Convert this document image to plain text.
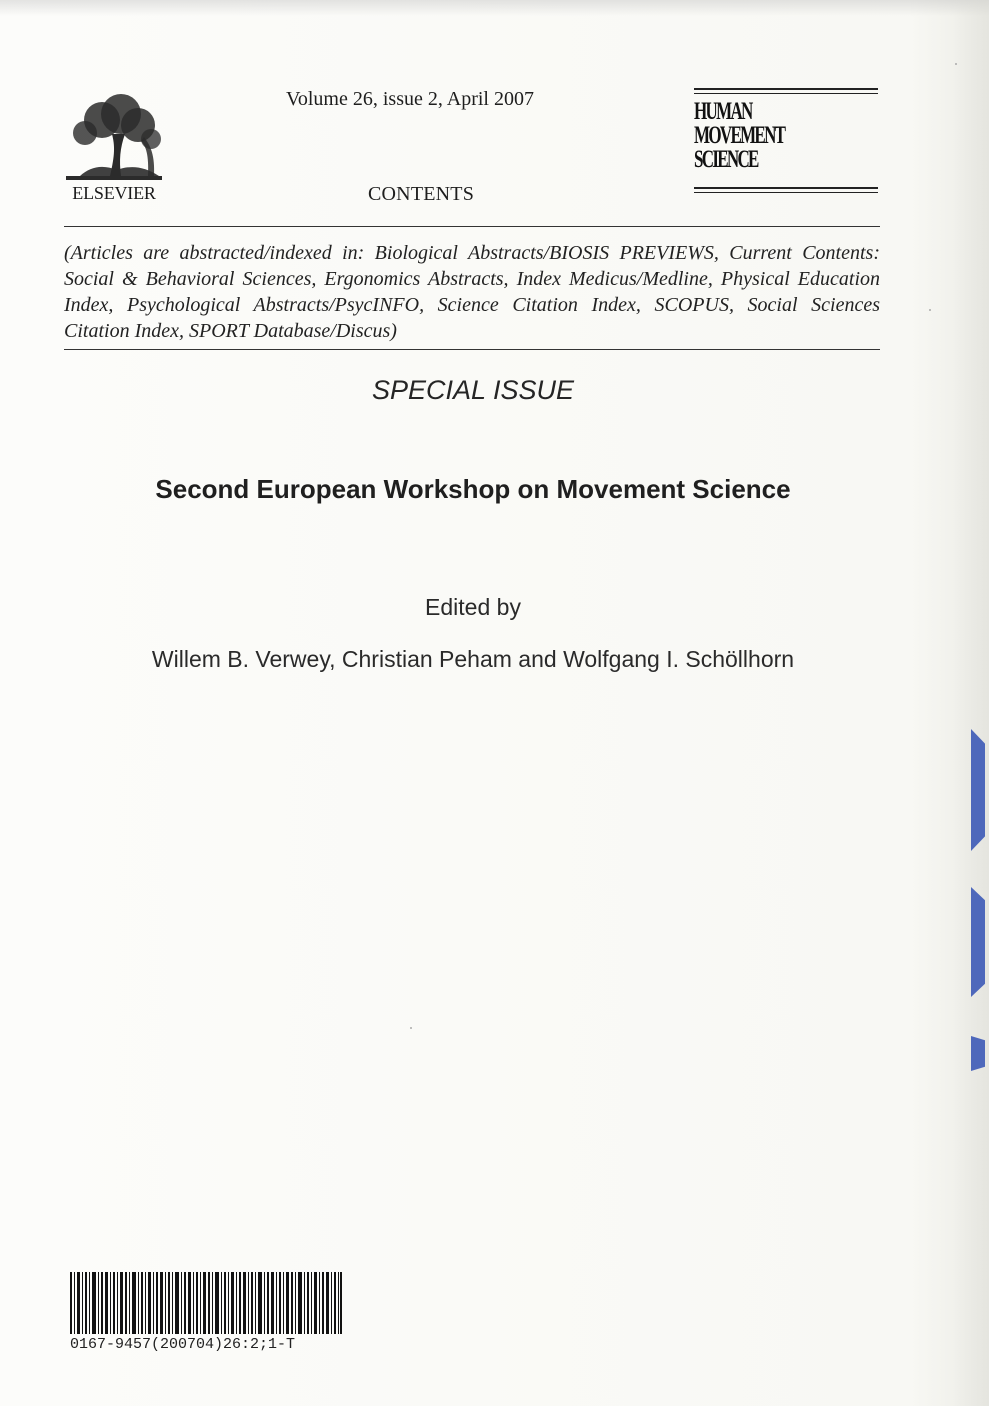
ELSEVIER
Volume 26, issue 2, April 2007
CONTENTS
HUMAN
MOVEMENT
SCIENCE
(Articles are abstracted/indexed in: Biological Abstracts/BIOSIS PREVIEWS, Current Contents: Social & Behavioral Sciences, Ergonomics Abstracts, Index Medicus/Medline, Physical Education Index, Psychological Abstracts/PsycINFO, Science Citation Index, SCOPUS, Social Sciences Citation Index, SPORT Database/Discus)
SPECIAL ISSUE
Second European Workshop on Movement Science
Edited by
Willem B. Verwey, Christian Peham and Wolfgang I. Schöllhorn
0167-9457(200704)26:2;1-T
